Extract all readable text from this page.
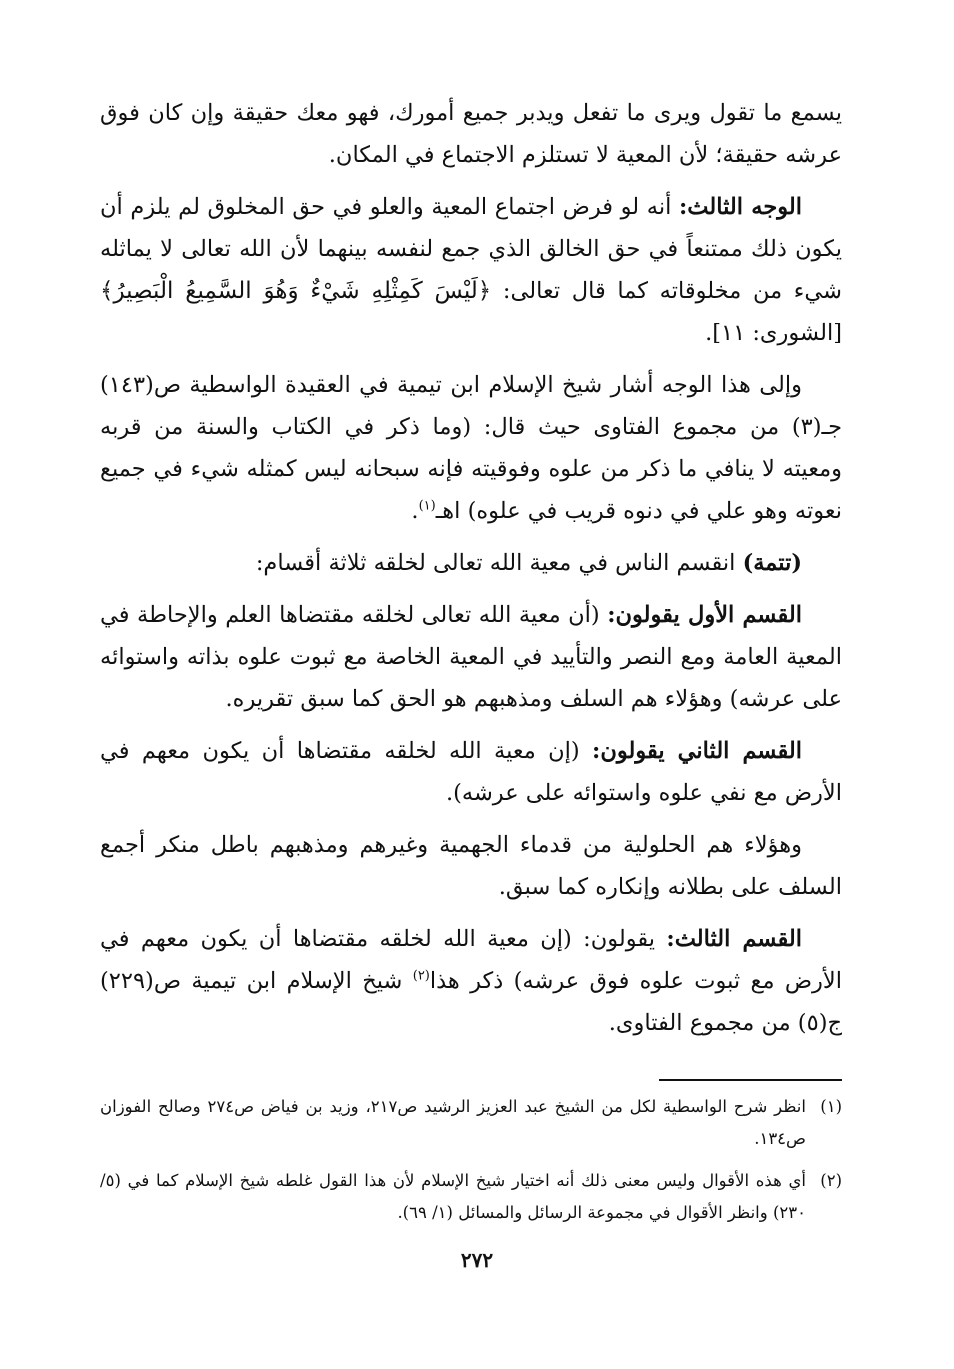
يسمع ما تقول ويرى ما تفعل ويدبر جميع أمورك، فهو معك حقيقة وإن كان فوق عرشه حقيقة؛ لأن المعية لا تستلزم الاجتماع في المكان.

الوجه الثالث: أنه لو فرض اجتماع المعية والعلو في حق المخلوق لم يلزم أن يكون ذلك ممتنعاً في حق الخالق الذي جمع لنفسه بينهما لأن الله تعالى لا يماثله شيء من مخلوقاته كما قال تعالى: ﴿لَيْسَ كَمِثْلِهِ شَيْءٌ وَهُوَ السَّمِيعُ الْبَصِيرُ﴾ [الشورى: ١١].

وإلى هذا الوجه أشار شيخ الإسلام ابن تيمية في العقيدة الواسطية ص(١٤٣) جـ(٣) من مجموع الفتاوى حيث قال: (وما ذكر في الكتاب والسنة من قربه ومعيته لا ينافي ما ذكر من علوه وفوقيته فإنه سبحانه ليس كمثله شيء في جميع نعوته وهو علي في دنوه قريب في علوه) اهـ$^{(١)}$.

(تتمة) انقسم الناس في معية الله تعالى لخلقه ثلاثة أقسام:

القسم الأول يقولون: (أن معية الله تعالى لخلقه مقتضاها العلم والإحاطة في المعية العامة ومع النصر والتأييد في المعية الخاصة مع ثبوت علوه بذاته واستوائه على عرشه) وهؤلاء هم السلف ومذهبهم هو الحق كما سبق تقريره.

القسم الثاني يقولون: (إن معية الله لخلقه مقتضاها أن يكون معهم في الأرض مع نفي علوه واستوائه على عرشه).

وهؤلاء هم الحلولية من قدماء الجهمية وغيرهم ومذهبهم باطل منكر أجمع السلف على بطلانه وإنكاره كما سبق.

القسم الثالث: يقولون: (إن معية الله لخلقه مقتضاها أن يكون معهم في الأرض مع ثبوت علوه فوق عرشه) ذكر هذا$^{(٢)}$ شيخ الإسلام ابن تيمية ص(٢٢٩) ج(٥) من مجموع الفتاوى.

(١)
انظر شرح الواسطية لكل من الشيخ عبد العزيز الرشيد ص٢١٧، وزيد بن فياض ص٢٧٤ وصالح الفوزان ص١٣٤.
(٢)
أي هذه الأقوال وليس معنى ذلك أنه اختيار شيخ الإسلام لأن هذا القول غلطه شيخ الإسلام كما في (٥/ ٢٣٠) وانظر الأقوال في مجموعة الرسائل والمسائل (١/ ٦٩).
٢٧٢
